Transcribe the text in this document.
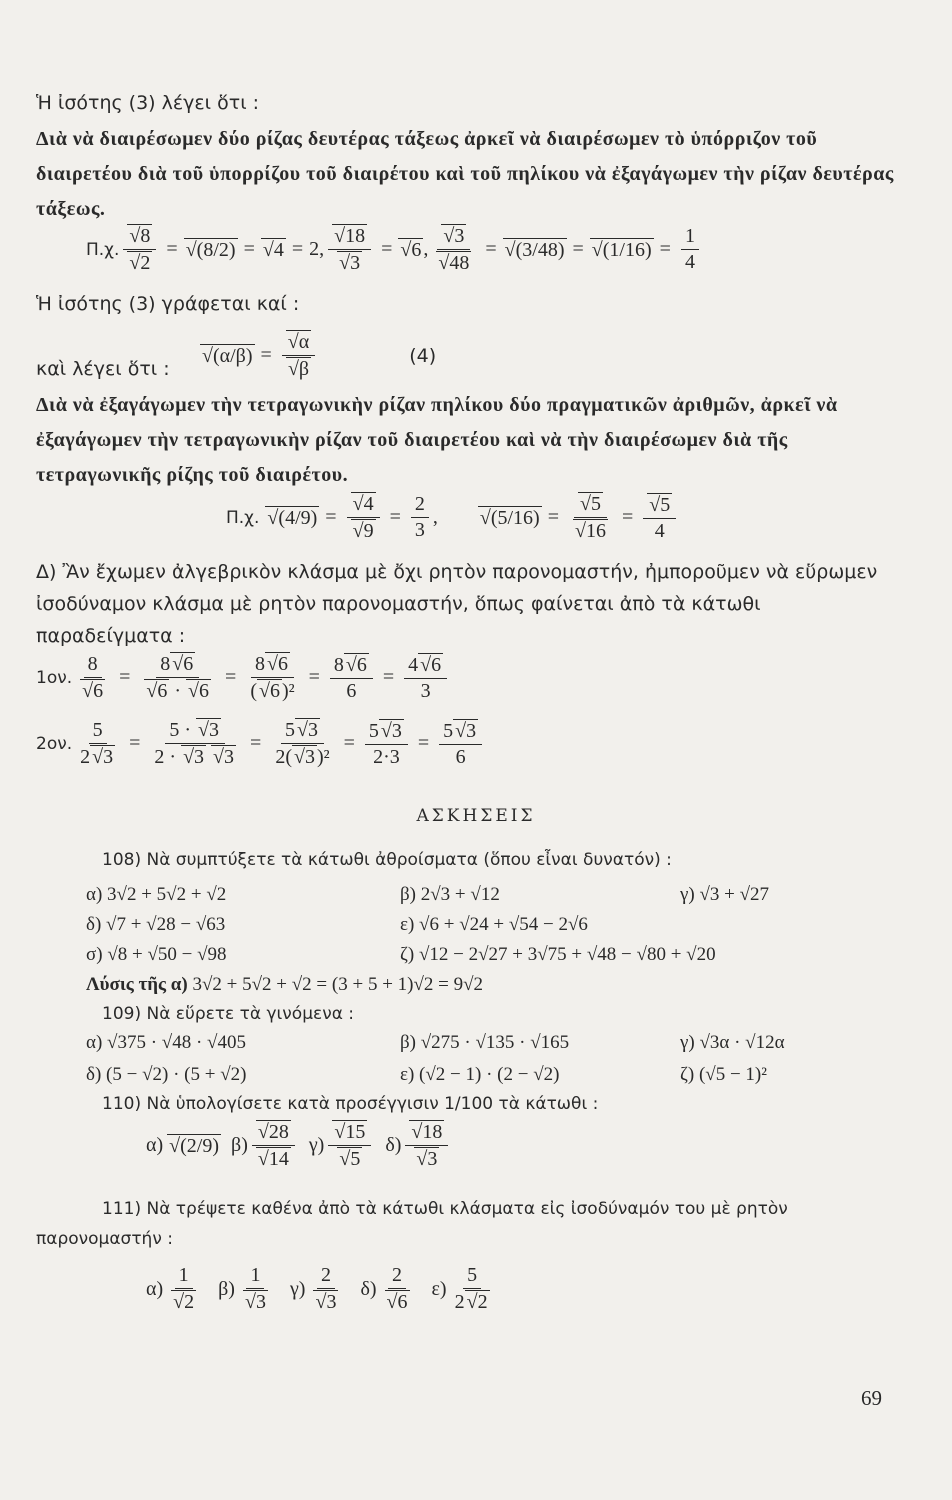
Ἡ ἰσότης (3) λέγει ὅτι :
Διὰ νὰ διαιρέσωμεν δύο ρίζας δευτέρας τάξεως ἀρκεῖ νὰ διαιρέσωμεν τὸ ὑπόρριζον τοῦ διαιρετέου διὰ τοῦ ὑπορρίζου τοῦ διαιρέτου καὶ τοῦ πηλίκου νὰ ἐξαγάγωμεν τὴν ρίζαν δευτέρας τάξεως.
Π.χ. √ 8
√ 2 = √ (8/2) = √ 4 = 2, √ 18
√ 3 = √ 6 , √ 3
√ 48 = √ (3/48) = √ $(1/16) = \frac{1}{4}$
Ἡ ἰσότης (3) γράφεται καί :
καὶ λέγει ὅτι :
√ (α/β) = √ α
√ β	(4)
Διὰ νὰ ἐξαγάγωμεν τὴν τετραγωνικὴν ρίζαν πηλίκου δύο πραγματικῶν ἀριθμῶν, ἀρκεῖ νὰ ἐξαγάγωμεν τὴν τετραγωνικὴν ρίζαν τοῦ διαιρετέου καὶ νὰ τὴν διαιρέσωμεν διὰ τῆς τετραγωνικῆς ρίζης τοῦ διαιρέτου.
Π.χ. √ (4/9) = √ 4
√ $9 = \frac{2}{3}$ ,	√ (5/16) = √ 5
√ 16 = √ $\frac{5}{4}$
Δ) Ἂν ἔχωμεν ἀλγεβρικὸν κλάσμα μὲ ὄχι ρητὸν παρονομαστήν, ἠμποροῦμεν νὰ εὕρωμεν ἰσοδύναμον κλάσμα μὲ ρητὸν παρονομαστήν, ὅπως φαίνεται ἀπὸ τὰ κάτωθι παραδείγματα :
1ον. 8
√ 6 = 8 √ 6
√ 6 · √ $6 = \frac{8 √ 6}{\text{( √ 6 )²}} = \frac{8 √ 6}{6} = \frac{4 √ 6}{3}$
2ον. $\frac{5}{2 √ 3} = \frac{5 \cdot √ 3}{2 \cdot √ 3 √ 3} = \frac{5 √ 3}{\text{2( √ 3 )²}} = \frac{5 √ 3}{2\cdot 3} = \frac{5 √ 3}{6}$
ΑΣΚΗΣΕΙΣ
108) Νὰ συμπτύξετε τὰ κάτωθι ἀθροίσματα (ὅπου εἶναι δυνατόν) :
α) 3√2 + 5√2 + √2	β) 2√3 + √12	γ) √3 + √27
δ) √7 + √28 − √63	ε) √6 + √24 + √54 − 2√6
σ) √8 + √50 − √98	ζ) √12 − 2√27 + 3√75 + √48 − √80 + √20
Λύσις τῆς α) 3√2 + 5√2 + √2 = (3 + 5 + 1)√2 = 9√2
109) Νὰ εὕρετε τὰ γινόμενα :
α) √375 · √48 · √405	β) √275 · √135 · √165	γ) √3α · √12α
δ) (5 − √2) · (5 + √2)	ε) (√2 − 1) · (2 − √2)	ζ) (√5 − 1)²
110) Νὰ ὑπολογίσετε κατὰ προσέγγισιν 1/100 τὰ κάτωθι :
α) √ (2/9) β) √ 28
√ 14 γ) √ 15
√ 5 δ) √ 18
√ 3
111) Νὰ τρέψετε καθένα ἀπὸ τὰ κάτωθι κλάσματα εἰς ἰσοδύναμόν του μὲ ρητὸν παρονομαστήν :
α) 1
√ 2 β) 1
√ 3 γ) 2
√ 3 δ) 2
√ 6 $\varepsilon) \frac{5}{2 √ 2}$
69
